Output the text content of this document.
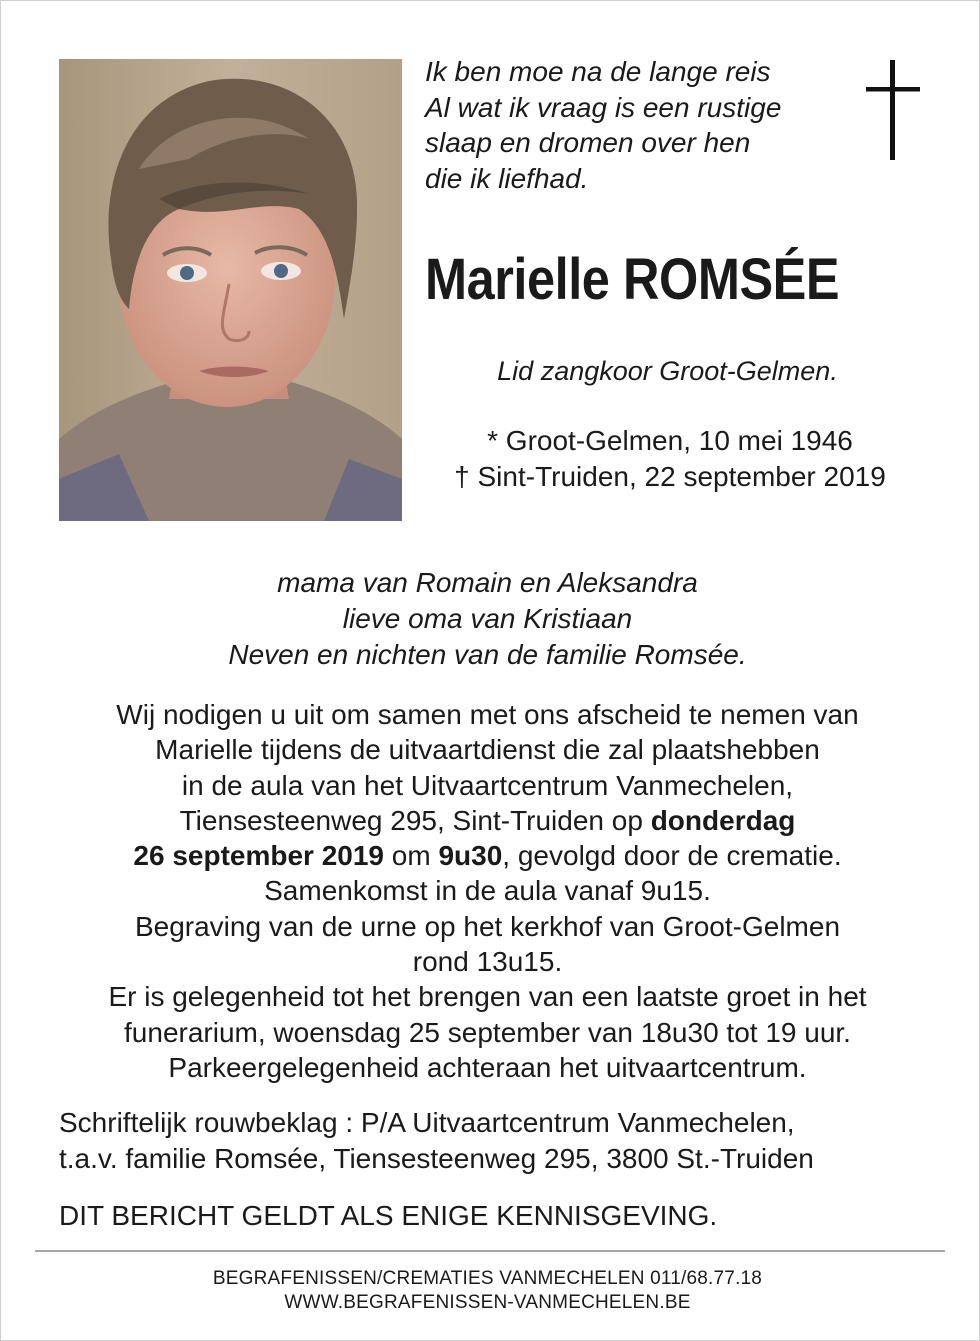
Ik ben moe na de lange reis
Al wat ik vraag is een rustige
slaap en dromen over hen
die ik liefhad.
Marielle ROMSÉE
Lid zangkoor Groot-Gelmen.
* Groot-Gelmen, 10 mei 1946
† Sint-Truiden, 22 september 2019
mama van Romain en Aleksandra
lieve oma van Kristiaan
Neven en nichten van de familie Romsée.
Wij nodigen u uit om samen met ons afscheid te nemen van
Marielle tijdens de uitvaartdienst die zal plaatshebben
in de aula van het Uitvaartcentrum Vanmechelen,
Tiensesteenweg 295, Sint-Truiden op donderdag
26 september 2019 om 9u30, gevolgd door de crematie.
Samenkomst in de aula vanaf 9u15.
Begraving van de urne op het kerkhof van Groot-Gelmen
rond 13u15.
Er is gelegenheid tot het brengen van een laatste groet in het
funerarium, woensdag 25 september van 18u30 tot 19 uur.
Parkeergelegenheid achteraan het uitvaartcentrum.
Schriftelijk rouwbeklag : P/A Uitvaartcentrum Vanmechelen,
t.a.v. familie Romsée, Tiensesteenweg 295, 3800 St.-Truiden
DIT BERICHT GELDT ALS ENIGE KENNISGEVING.
BEGRAFENISSEN/CREMATIES VANMECHELEN 011/68.77.18
WWW.BEGRAFENISSEN-VANMECHELEN.BE
